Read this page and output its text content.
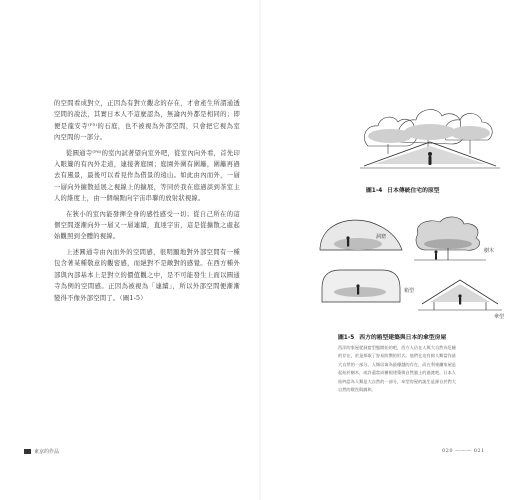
的空間看成對立，正因為有對立觀念的存在，才會產生所謂通透空間的說法，其實日本人不這麼認為，無論內外都是相同的；即便是龍安寺⁽ᴾ⁵⁾的石庭，也不被視為外部空間，只會把它視為室內空間的一部分。

從圓通寺⁽ᴾ⁶⁾的室內試著望向室外吧，從室內向外看，首先印入眼簾的有內外走道，連接著庭園；庭園外圍有圍籬，圍籬再過去有風景，最後可以看見作為借景的遠山。如此由內而外，一層一層向外擴散延展之視線上的擴展，等同於我在庭過談到茶室主人的維度上，由一個端點向宇宙串聯的放射狀視線。

在狹小的室內能發揮全身的感性感受一切；從自己所在的這個空間逐漸向外一層又一層連續，直達宇宙，這是從擴散之處起始觀照到全體的視線。

上述圓通寺由內而外的空間感，很明顯地對外部空間有一種包含著某種敬意的觀密感，而絕對不是敵對的感覺。在西方種外部與內部基本上是對立的價值觀之中，是不可能發生上面以圓通寺為例的空間感。正因為被視為「連續」，所以外部空間便漸漸變得不像外部空間了。（圖1-5）

東京的作品
圖1-4 日本傳統住宅的原型
洞窟
樹木
箱型
傘型
圖1-5 西方的箱型建築與日本的傘型房屋
西洋的家屋從洞窟型態開始的吧，西方人佔在人與大自然為危險的存在，於是採取了容易防禦的形式。他們在這有抑人類當作最大自然的一部分。人類居寓為最優越的存在，而在利東瀾家屋是起始於樹木，或許還當成樹根建築與自然風土的過渡吧。日本人始終認為人類是大自然的一部分，傘型房屋的誕生是源自於對大自然的敬畏與調和。
020 ——— 021
